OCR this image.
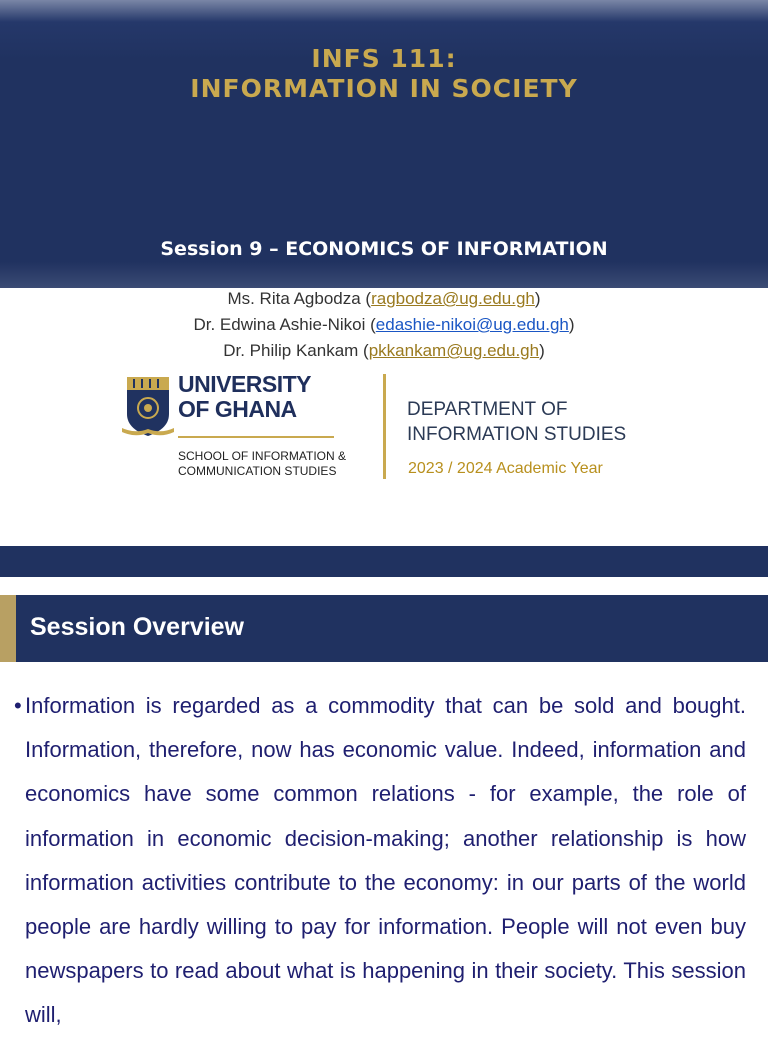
INFS 111:
INFORMATION IN SOCIETY
Session 9 – ECONOMICS OF INFORMATION
Ms. Rita Agbodza (ragbodza@ug.edu.gh)
Dr. Edwina Ashie-Nikoi (edashie-nikoi@ug.edu.gh)
Dr. Philip Kankam (pkkankam@ug.edu.gh)
UNIVERSITY
OF GHANA
SCHOOL OF INFORMATION &
COMMUNICATION STUDIES
DEPARTMENT OF
INFORMATION STUDIES
2023 / 2024 Academic Year
Session Overview
• Information is regarded as a commodity that can be sold and bought. Information, therefore, now has economic value. Indeed, information and economics have some common relations - for example, the role of information in economic decision-making; another relationship is how information activities contribute to the economy: in our parts of the world people are hardly willing to pay for information. People will not even buy newspapers to read about what is happening in their society. This session will,
